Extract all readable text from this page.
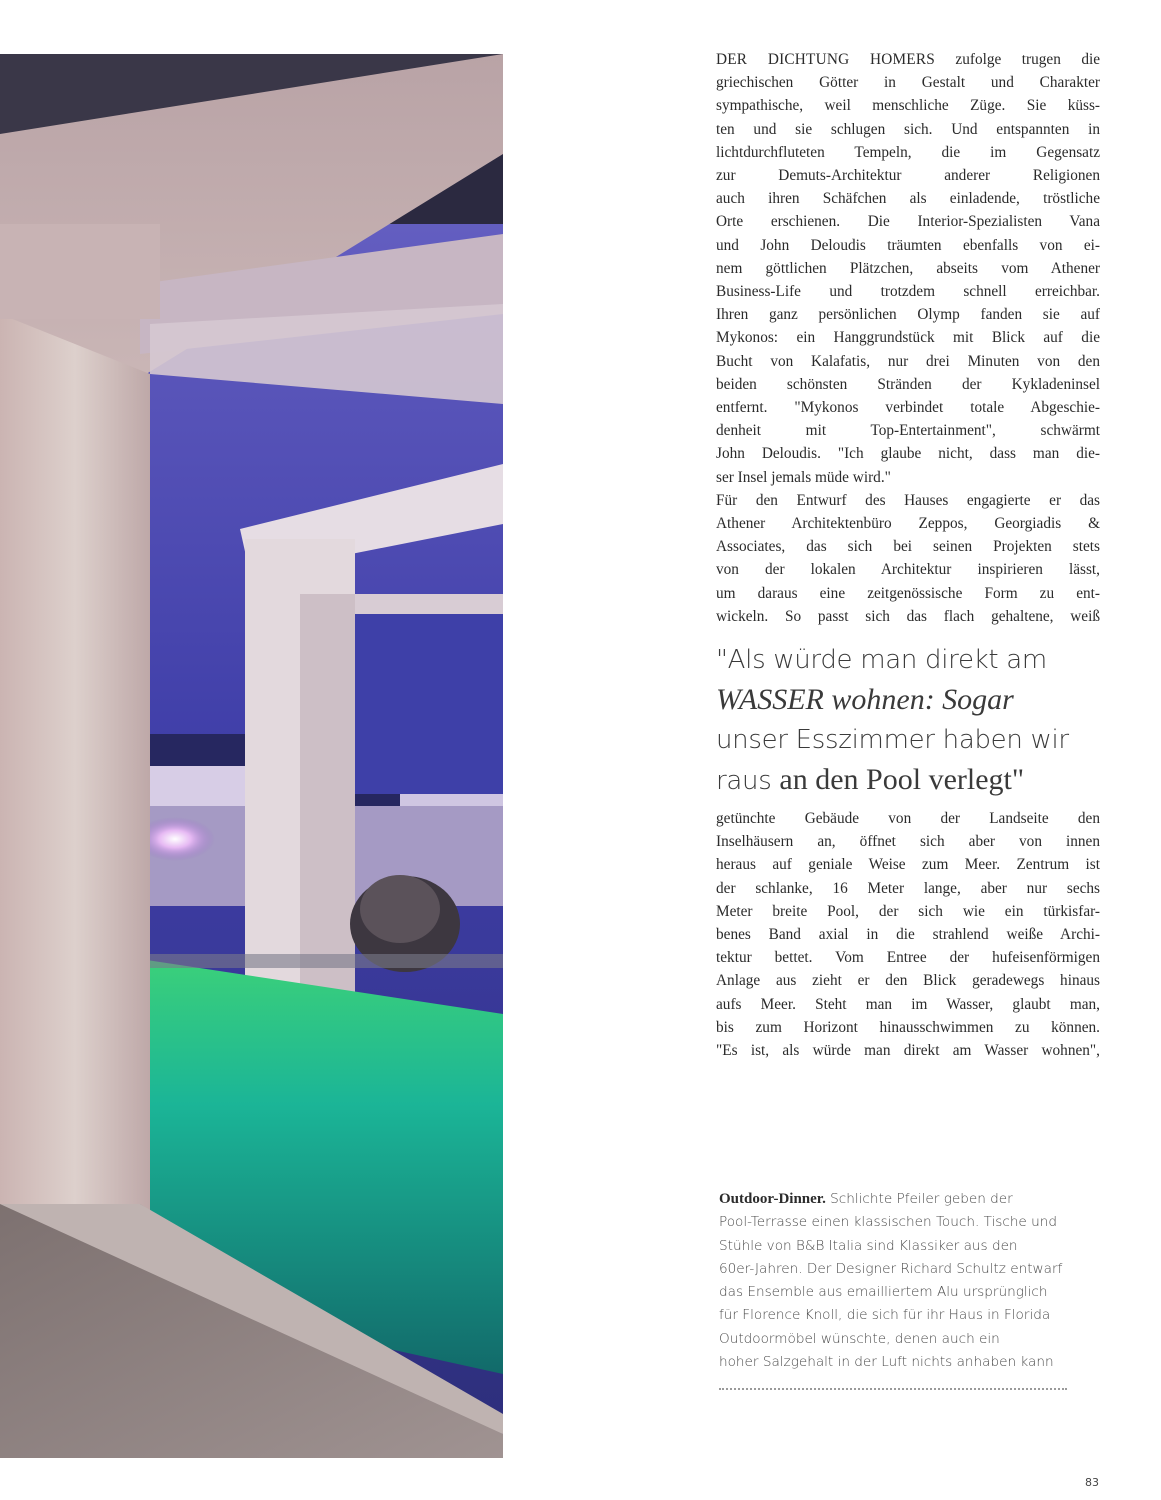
DER DICHTUNG HOMERS zufolge trugen die
griechischen Götter in Gestalt und Charakter
sympathische, weil menschliche Züge. Sie küss-
ten und sie schlugen sich. Und entspannten in
lichtdurchfluteten Tempeln, die im Gegensatz
zur Demuts-Architektur anderer Religionen
auch ihren Schäfchen als einladende, tröstliche
Orte erschienen. Die Interior-Spezialisten Vana
und John Deloudis träumten ebenfalls von ei-
nem göttlichen Plätzchen, abseits vom Athener
Business-Life und trotzdem schnell erreichbar.
Ihren ganz persönlichen Olymp fanden sie auf
Mykonos: ein Hanggrundstück mit Blick auf die
Bucht von Kalafatis, nur drei Minuten von den
beiden schönsten Stränden der Kykladeninsel
entfernt. "Mykonos verbindet totale Abgeschie-
denheit mit Top-Entertainment", schwärmt
John Deloudis. "Ich glaube nicht, dass man die-
ser Insel jemals müde wird."
Für den Entwurf des Hauses engagierte er das
Athener Architektenbüro Zeppos, Georgiadis &
Associates, das sich bei seinen Projekten stets
von der lokalen Architektur inspirieren lässt,
um daraus eine zeitgenössische Form zu ent-
wickeln. So passt sich das flach gehaltene, weiß
"Als würde man direkt am
WASSER wohnen: Sogar
unser Esszimmer haben wir
raus an den Pool verlegt"
getünchte Gebäude von der Landseite den
Inselhäusern an, öffnet sich aber von innen
heraus auf geniale Weise zum Meer. Zentrum ist
der schlanke, 16 Meter lange, aber nur sechs
Meter breite Pool, der sich wie ein türkisfar-
benes Band axial in die strahlend weiße Archi-
tektur bettet. Vom Entree der hufeisenförmigen
Anlage aus zieht er den Blick geradewegs hinaus
aufs Meer. Steht man im Wasser, glaubt man,
bis zum Horizont hinausschwimmen zu können.
"Es ist, als würde man direkt am Wasser wohnen",
Outdoor-Dinner. Schlichte Pfeiler geben der
Pool-Terrasse einen klassischen Touch. Tische und
Stühle von B&B Italia sind Klassiker aus den
60er-Jahren. Der Designer Richard Schultz entwarf
das Ensemble aus emailliertem Alu ursprünglich
für Florence Knoll, die sich für ihr Haus in Florida
Outdoormöbel wünschte, denen auch ein
hoher Salzgehalt in der Luft nichts anhaben kann
83
